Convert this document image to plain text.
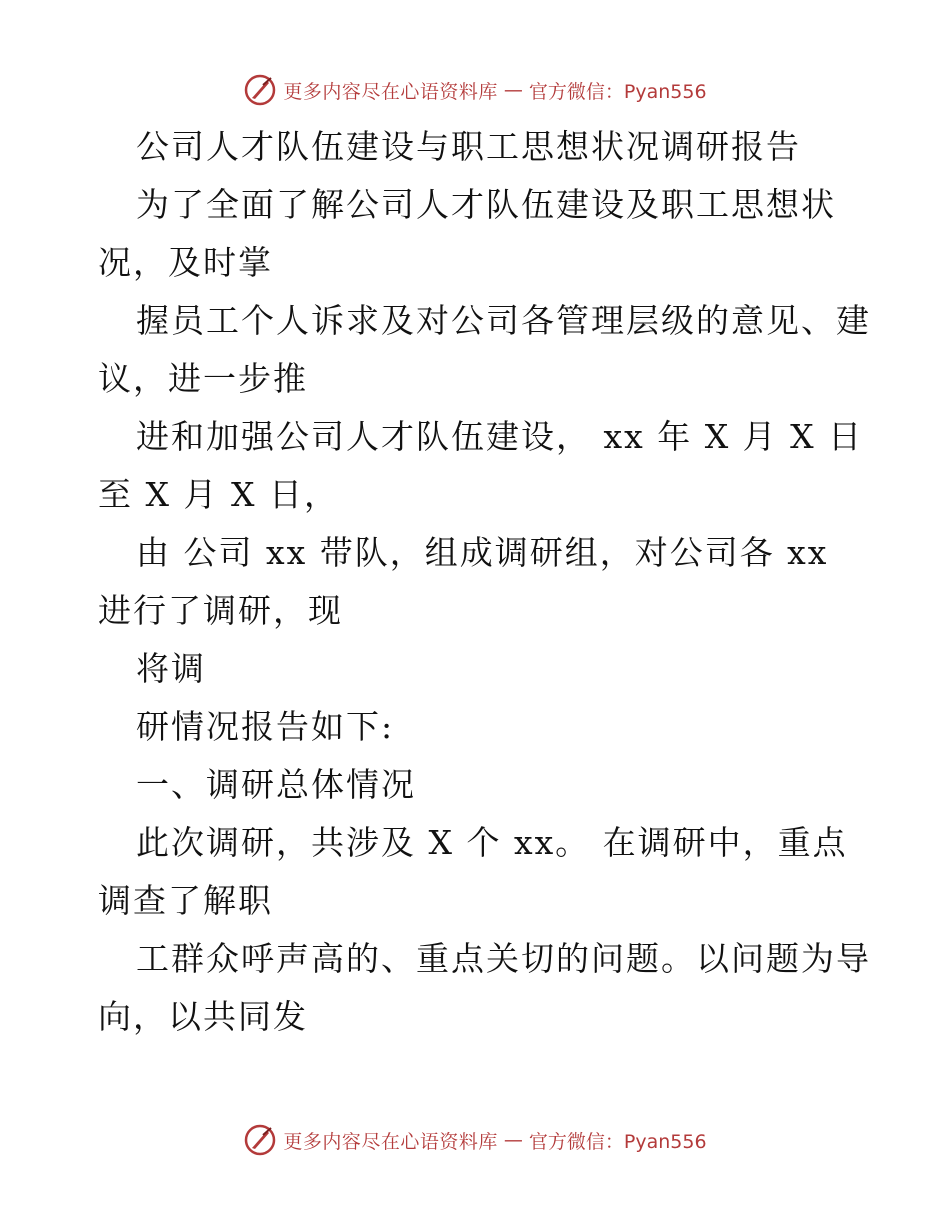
更多内容尽在心语资料库 — 官方微信：Pyan556
公司人才队伍建设与职工思想状况调研报告
为了全面了解公司人才队伍建设及职工思想状
况，及时掌
握员工个人诉求及对公司各管理层级的意见、建
议，进一步推
进和加强公司人才队伍建设， xx 年 X 月 X 日
至 X 月 X 日，
由 公司 xx 带队，组成调研组，对公司各 xx
进行了调研，现
将调
研情况报告如下:
一、调研总体情况
此次调研，共涉及 X 个 xx。 在调研中，重点
调查了解职
工群众呼声高的、重点关切的问题。以问题为导
向，以共同发
更多内容尽在心语资料库 — 官方微信：Pyan556
